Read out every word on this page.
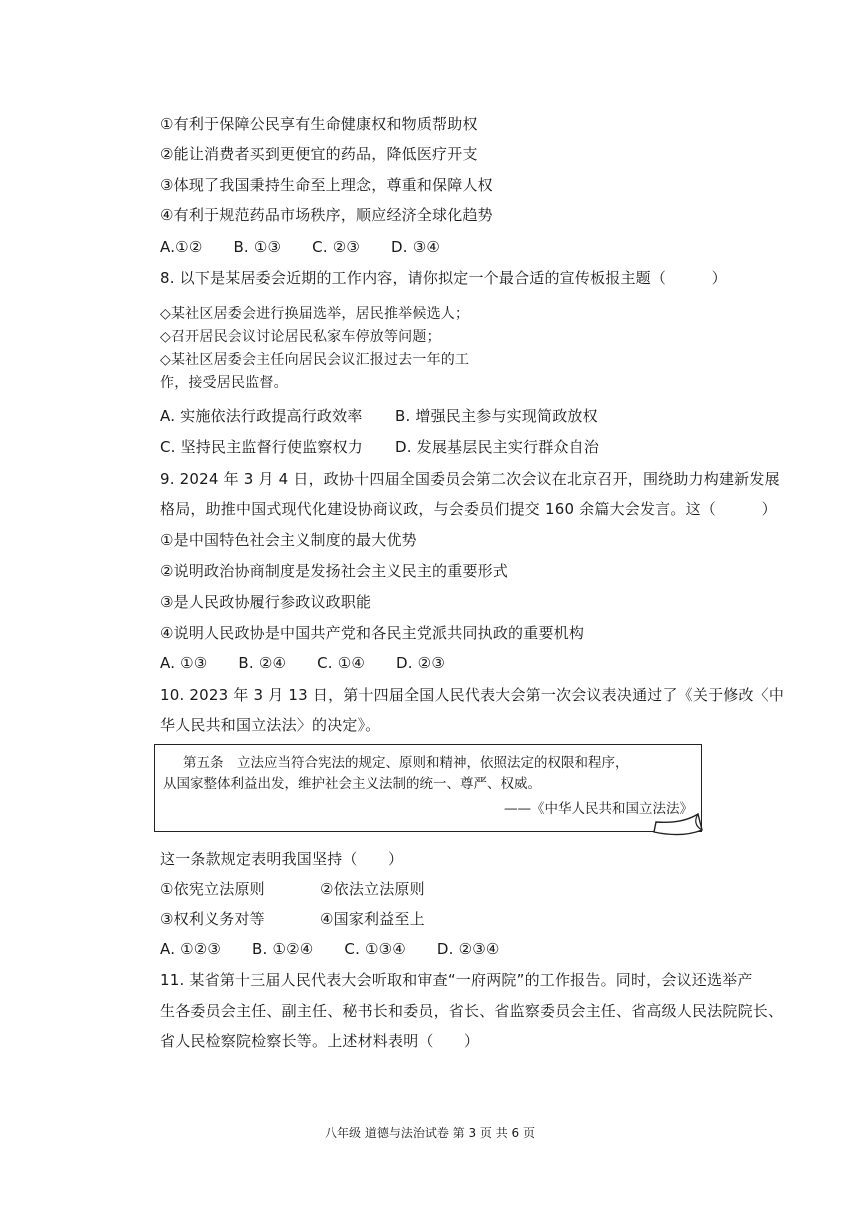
①有利于保障公民享有生命健康权和物质帮助权
②能让消费者买到更便宜的药品，降低医疗开支
③体现了我国秉持生命至上理念，尊重和保障人权
④有利于规范药品市场秩序，顺应经济全球化趋势
A.①② B. ①③ C. ②③ D. ③④
8. 以下是某居委会近期的工作内容，请你拟定一个最合适的宣传板报主题（　　　）
◇某社区居委会进行换届选举，居民推举候选人；
◇召开居民会议讨论居民私家车停放等问题；
◇某社区居委会主任向居民会议汇报过去一年的工
作，接受居民监督。
A. 实施依法行政提高行政效率 B. 增强民主参与实现简政放权
C. 坚持民主监督行使监察权力 D. 发展基层民主实行群众自治
9. 2024 年 3 月 4 日，政协十四届全国委员会第二次会议在北京召开，围绕助力构建新发展
格局，助推中国式现代化建设协商议政，与会委员们提交 160 余篇大会发言。这（　　　）
①是中国特色社会主义制度的最大优势
②说明政治协商制度是发扬社会主义民主的重要形式
③是人民政协履行参政议政职能
④说明人民政协是中国共产党和各民主党派共同执政的重要机构
A. ①③ B. ②④ C. ①④ D. ②③
10. 2023 年 3 月 13 日，第十四届全国人民代表大会第一次会议表决通过了《关于修改〈中
华人民共和国立法法〉的决定》。
第五条　立法应当符合宪法的规定、原则和精神，依照法定的权限和程序，
从国家整体利益出发，维护社会主义法制的统一、尊严、权威。
——《中华人民共和国立法法》
这一条款规定表明我国坚持（　　）
①依宪立法原则	②依法立法原则
③权利义务对等	④国家利益至上
A. ①②③ B. ①②④ C. ①③④ D. ②③④
11. 某省第十三届人民代表大会听取和审查“一府两院”的工作报告。同时，会议还选举产
生各委员会主任、副主任、秘书长和委员，省长、省监察委员会主任、省高级人民法院院长、
省人民检察院检察长等。上述材料表明（　　）
八年级 道德与法治试卷 第 3 页 共 6 页
